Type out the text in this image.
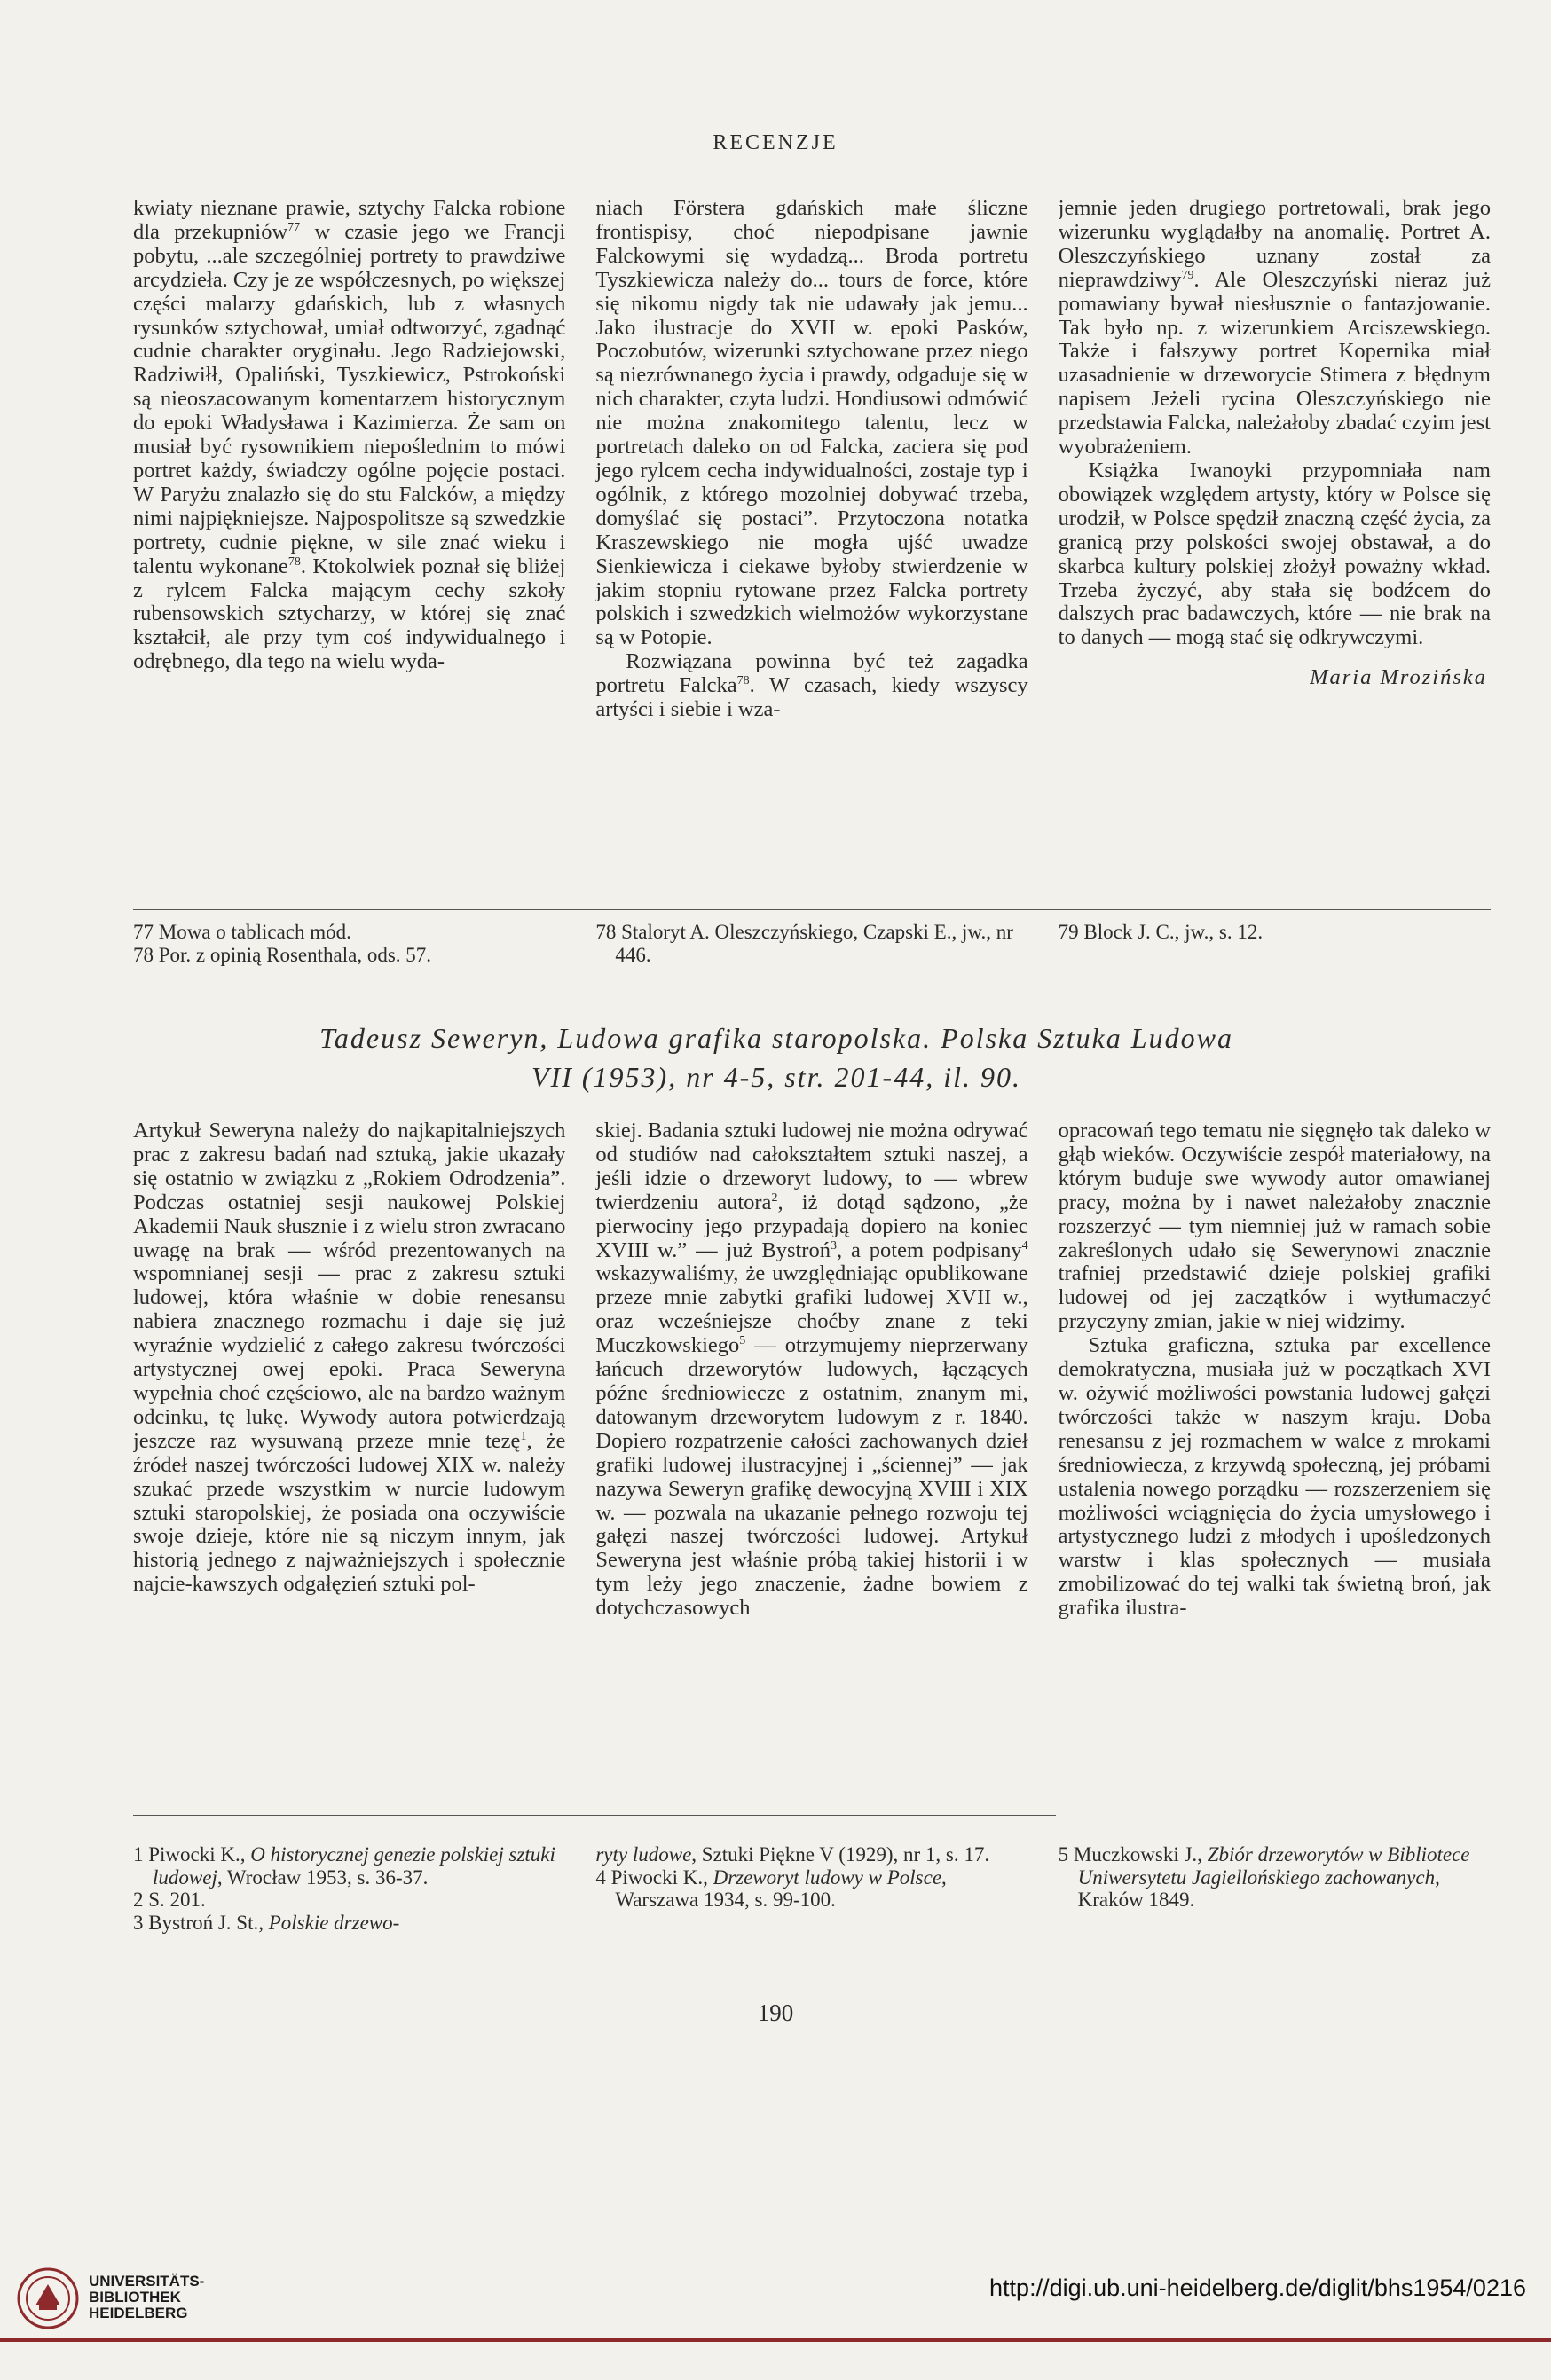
RECENZJE

kwiaty nieznane prawie, sztychy Falcka robione dla przekupniów$^{77}$ w czasie jego we Francji pobytu, ...ale szczególniej portrety to prawdziwe arcydzieła. Czy je ze współczesnych, po większej części malarzy gdańskich, lub z własnych rysunków sztychował, umiał odtworzyć, zgadnąć cudnie charakter oryginału. Jego Radziejowski, Radziwiłł, Opaliński, Tyszkiewicz, Pstrokoński są nieoszacowanym komentarzem historycznym do epoki Władysława i Kazimierza. Że sam on musiał być rysownikiem niepoślednim to mówi portret każdy, świadczy ogólne pojęcie postaci. W Paryżu znalazło się do stu Falcków, a między nimi najpiękniejsze. Najpospolitsze są szwedzkie portrety, cudnie piękne, w sile znać wieku i talentu wykonane$^{78}$. Ktokolwiek poznał się bliżej z rylcem Falcka mającym cechy szkoły rubensowskich sztycharzy, w której się znać kształcił, ale przy tym coś indywidualnego i odrębnego, dla tego na wielu wyda-

niach Förstera gdańskich małe śliczne frontispisy, choć niepodpisane jawnie Falckowymi się wydadzą... Broda portretu Tyszkiewicza należy do... tours de force, które się nikomu nigdy tak nie udawały jak jemu... Jako ilustracje do XVII w. epoki Pasków, Poczobutów, wizerunki sztychowane przez niego są niezrównanego życia i prawdy, odgaduje się w nich charakter, czyta ludzi. Hondiusowi odmówić nie można znakomitego talentu, lecz w portretach daleko on od Falcka, zaciera się pod jego rylcem cecha indywidualności, zostaje typ i ogólnik, z którego mozolniej dobywać trzeba, domyślać się postaci”. Przytoczona notatka Kraszewskiego nie mogła ujść uwadze Sienkiewicza i ciekawe byłoby stwierdzenie w jakim stopniu rytowane przez Falcka portrety polskich i szwedzkich wielmożów wykorzystane są w Potopie.

Rozwiązana powinna być też zagadka portretu Falcka$^{78}$. W czasach, kiedy wszyscy artyści i siebie i wza-

jemnie jeden drugiego portretowali, brak jego wizerunku wyglądałby na anomalię. Portret A. Oleszczyńskiego uznany został za nieprawdziwy$^{79}$. Ale Oleszczyński nieraz już pomawiany bywał niesłusznie o fantazjowanie. Tak było np. z wizerunkiem Arciszewskiego. Także i fałszywy portret Kopernika miał uzasadnienie w drzeworycie Stimera z błędnym napisem Jeżeli rycina Oleszczyńskiego nie przedstawia Falcka, należałoby zbadać czyim jest wyobrażeniem.

Książka Iwanoyki przypomniała nam obowiązek względem artysty, który w Polsce się urodził, w Polsce spędził znaczną część życia, za granicą przy polskości swojej obstawał, a do skarbca kultury polskiej złożył poważny wkład. Trzeba życzyć, aby stała się bodźcem do dalszych prac badawczych, które — nie brak na to danych — mogą stać się odkrywczymi.

Maria Mrozińska

77 Mowa o tablicach mód.

78 Por. z opinią Rosenthala, ods. 57.

78 Staloryt A. Oleszczyńskiego, Czapski E., jw., nr 446.

79 Block J. C., jw., s. 12.

Tadeusz Seweryn, Ludowa grafika staropolska. Polska Sztuka Ludowa
VII (1953), nr 4-5, str. 201-44, il. 90.

Artykuł Seweryna należy do najkapitalniejszych prac z zakresu badań nad sztuką, jakie ukazały się ostatnio w związku z „Rokiem Odrodzenia”. Podczas ostatniej sesji naukowej Polskiej Akademii Nauk słusznie i z wielu stron zwracano uwagę na brak — wśród prezentowanych na wspomnianej sesji — prac z zakresu sztuki ludowej, która właśnie w dobie renesansu nabiera znacznego rozmachu i daje się już wyraźnie wydzielić z całego zakresu twórczości artystycznej owej epoki. Praca Seweryna wypełnia choć częściowo, ale na bardzo ważnym odcinku, tę lukę. Wywody autora potwierdzają jeszcze raz wysuwaną przeze mnie tezę$^1$, że źródeł naszej twórczości ludowej XIX w. należy szukać przede wszystkim w nurcie ludowym sztuki staropolskiej, że posiada ona oczywiście swoje dzieje, które nie są niczym innym, jak historią jednego z najważniejszych i społecznie najcie-kawszych odgałęzień sztuki pol-

skiej. Badania sztuki ludowej nie można odrywać od studiów nad całokształtem sztuki naszej, a jeśli idzie o drzeworyt ludowy, to — wbrew twierdzeniu autora$^2$, iż dotąd sądzono, „że pierwociny jego przypadają dopiero na koniec XVIII w.” — już Bystroń$^3$, a potem podpisany$^4$ wskazywaliśmy, że uwzględniając opublikowane przeze mnie zabytki grafiki ludowej XVII w., oraz wcześniejsze choćby znane z teki Muczkowskiego$^5$ — otrzymujemy nieprzerwany łańcuch drzeworytów ludowych, łączących późne średniowiecze z ostatnim, znanym mi, datowanym drzeworytem ludowym z r. 1840. Dopiero rozpatrzenie całości zachowanych dzieł grafiki ludowej ilustracyjnej i „ściennej” — jak nazywa Seweryn grafikę dewocyjną XVIII i XIX w. — pozwala na ukazanie pełnego rozwoju tej gałęzi naszej twórczości ludowej. Artykuł Seweryna jest właśnie próbą takiej historii i w tym leży jego znaczenie, żadne bowiem z dotychczasowych

opracowań tego tematu nie sięgnęło tak daleko w głąb wieków. Oczywiście zespół materiałowy, na którym buduje swe wywody autor omawianej pracy, można by i nawet należałoby znacznie rozszerzyć — tym niemniej już w ramach sobie zakreślonych udało się Sewerynowi znacznie trafniej przedstawić dzieje polskiej grafiki ludowej od jej zaczątków i wytłumaczyć przyczyny zmian, jakie w niej widzimy.

Sztuka graficzna, sztuka par excellence demokratyczna, musiała już w początkach XVI w. ożywić możliwości powstania ludowej gałęzi twórczości także w naszym kraju. Doba renesansu z jej rozmachem w walce z mrokami średniowiecza, z krzywdą społeczną, jej próbami ustalenia nowego porządku — rozszerzeniem się możliwości wciągnięcia do życia umysłowego i artystycznego ludzi z młodych i upośledzonych warstw i klas społecznych — musiała zmobilizować do tej walki tak świetną broń, jak grafika ilustra-

1 Piwocki K., O historycznej genezie polskiej sztuki ludowej, Wrocław 1953, s. 36-37.

2 S. 201.

3 Bystroń J. St., Polskie drzewo-

ryty ludowe, Sztuki Piękne V (1929), nr 1, s. 17.

4 Piwocki K., Drzeworyt ludowy w Polsce, Warszawa 1934, s. 99-100.

5 Muczkowski J., Zbiór drzeworytów w Bibliotece Uniwersytetu Jagiellońskiego zachowanych, Kraków 1849.

190
UNIVERSITÄTS-
BIBLIOTHEK
HEIDELBERG
http://digi.ub.uni-heidelberg.de/diglit/bhs1954/0216
